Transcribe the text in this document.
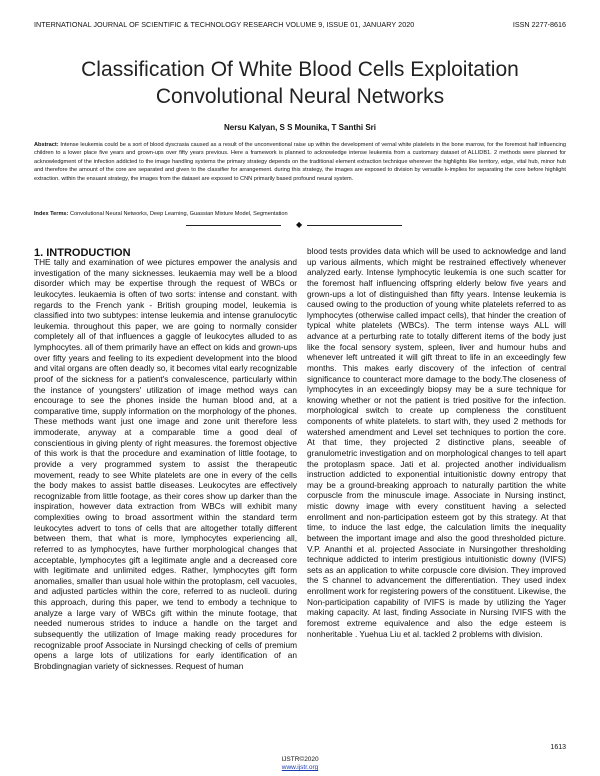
INTERNATIONAL JOURNAL OF SCIENTIFIC & TECHNOLOGY RESEARCH VOLUME 9, ISSUE 01, JANUARY 2020	ISSN 2277-8616
Classification Of White Blood Cells Exploitation
Convolutional Neural Networks
Nersu Kalyan, S S Mounika, T Santhi Sri

Abstract: Intense leukemia could be a sort of blood dyscrasia caused as a result of the unconventional raise up within the development of vernal white platelets in the bone marrow, for the foremost half influencing children to a lower place five years and grown-ups over fifty years previous. Here a framework is planned to acknowledge intense leukemia from a customary dataset of ALLIDB1. 2 methods were planned for acknowledgment of the infection addicted to the image handling systems the primary strategy depends on the traditional element extraction technique wherever the highlights like territory, edge, vital hub, minor hub and therefore the amount of the core are separated and given to the classifier for arrangement. during this strategy, the images are exposed to division by versatile k-implies for separating the core before highlight extraction. within the ensuant strategy, the images from the dataset are exposed to CNN primarily based profound neural system.

Index Terms: Convolutional Neural Networks, Deep Learning, Guassian Mixture Model, Segmentation

◆
1. INTRODUCTION

THE tally and examination of wee pictures empower the analysis and investigation of the many sicknesses. leukaemia may well be a blood disorder which may be expertise through the request of WBCs or leukocytes. leukaemia is often of two sorts: intense and constant. with regards to the French yank - British grouping model, leukemia is classified into two subtypes: intense leukemia and intense granulocytic leukemia. throughout this paper, we are going to normally consider completely all of that influences a gaggle of leukocytes alluded to as lymphocytes. all of them primarily have an effect on kids and grown-ups over fifty years and feeling to its expedient development into the blood and vital organs are often deadly so, it becomes vital early recognizable proof of the sickness for a patient's convalescence, particularly within the instance of youngsters' utilization of image method ways can encourage to see the phones inside the human blood and, at a comparative time, supply information on the morphology of the phones. These methods want just one image and zone unit therefore less immoderate, anyway at a comparable time a good deal of conscientious in giving plenty of right measures. the foremost objective of this work is that the procedure and examination of little footage, to provide a very programmed system to assist the therapeutic movement, ready to see White platelets are one in every of the cells the body makes to assist battle diseases. Leukocytes are effectively recognizable from little footage, as their cores show up darker than the inspiration, however data extraction from WBCs will exhibit many complexities owing to broad assortment within the standard term leukocytes advert to tons of cells that are altogether totally different between them, that what is more, lymphocytes experiencing all, referred to as lymphocytes, have further morphological changes that acceptable, lymphocytes gift a legitimate angle and a decreased core with legitimate and unlimited edges. Rather, lymphocytes gift form anomalies, smaller than usual hole within the protoplasm, cell vacuoles, and adjusted particles within the core, referred to as nucleoli. during this approach, during this paper, we tend to embody a technique to analyze a large vary of WBCs gift within the minute footage, that needed numerous strides to induce a handle on the target and subsequently the utilization of Image making ready procedures for recognizable proof Associate in Nursingd checking of cells of premium opens a large lots of utilizations for early identification of an Brobdingnagian variety of sicknesses. Request of human

blood tests provides data which will be used to acknowledge and land up various ailments, which might be restrained effectively whenever analyzed early. Intense lymphocytic leukemia is one such scatter for the foremost half influencing offspring elderly below five years and grown-ups a lot of distinguished than fifty years. Intense leukemia is caused owing to the production of young white platelets referred to as lymphocytes (otherwise called impact cells), that hinder the creation of typical white platelets (WBCs). The term intense ways ALL will advance at a perturbing rate to totally different items of the body just like the focal sensory system, spleen, liver and humour hubs and whenever left untreated it will gift threat to life in an exceedingly few months. This makes early discovery of the infection of central significance to counteract more damage to the body.The closeness of lymphocytes in an exceedingly biopsy may be a sure technique for knowing whether or not the patient is tried positive for the infection. morphological switch to create up compleness the constituent components of white platelets. to start with, they used 2 methods for watershed amendment and Level set techniques to portion the core. At that time, they projected 2 distinctive plans, seeable of granulometric investigation and on morphological changes to tell apart the protoplasm space. Jati et al. projected another individualism instruction addicted to exponential intuitionistic downy entropy that may be a ground-breaking approach to naturally partition the white corpuscle from the minuscule image. Associate in Nursing instinct, mistic downy image with every constituent having a selected enrollment and non-participation esteem got by this strategy. At that time, to induce the last edge, the calculation limits the inequality between the important image and also the good thresholded picture. V.P. Ananthi et al. projected Associate in Nursingother thresholding technique addicted to interim prestigious intuitionistic downy (IVIFS) sets as an application to white corpuscle core division. They improved the S channel to advancement the differentiation. They used index enrollment work for registering powers of the constituent. Likewise, the Non-participation capability of IVIFS is made by utilizing the Yager making capacity. At last, finding Associate in Nursing IVIFS with the foremost extreme equivalence and also the edge esteem is nonheritable . Yuehua Liu et al. tackled 2 problems with division.

1613
IJSTR©2020
www.ijstr.org
